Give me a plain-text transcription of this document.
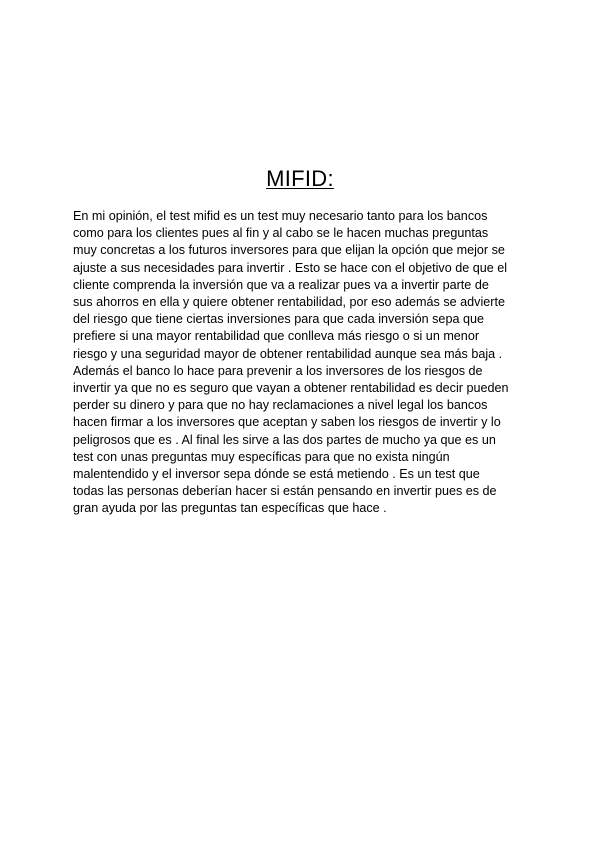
MIFID:
En mi opinión, el test mifid es un test muy necesario tanto para los bancos
como para los clientes pues al fin y al cabo se le hacen muchas preguntas
muy concretas a los futuros inversores para que elijan la opción que mejor se
ajuste a sus necesidades para invertir . Esto se hace con el objetivo de que el
cliente comprenda la inversión que va a realizar pues va a invertir parte de
sus ahorros en ella y quiere obtener rentabilidad, por eso además se advierte
del riesgo que tiene ciertas inversiones para que cada inversión sepa que
prefiere si una mayor rentabilidad que conlleva más riesgo o si un menor
riesgo y una seguridad mayor de obtener rentabilidad aunque sea más baja .
Además el banco lo hace para prevenir a los inversores de los riesgos de
invertir ya que no es seguro que vayan a obtener rentabilidad es decir pueden
perder su dinero y para que no hay reclamaciones a nivel legal los bancos
hacen firmar a los inversores que aceptan y saben los riesgos de invertir y lo
peligrosos que es . Al final les sirve a las dos partes de mucho ya que es un
test con unas preguntas muy específicas para que no exista ningún
malentendido y el inversor sepa dónde se está metiendo . Es un test que
todas las personas deberían hacer si están pensando en invertir pues es de
gran ayuda por las preguntas tan específicas que hace .
